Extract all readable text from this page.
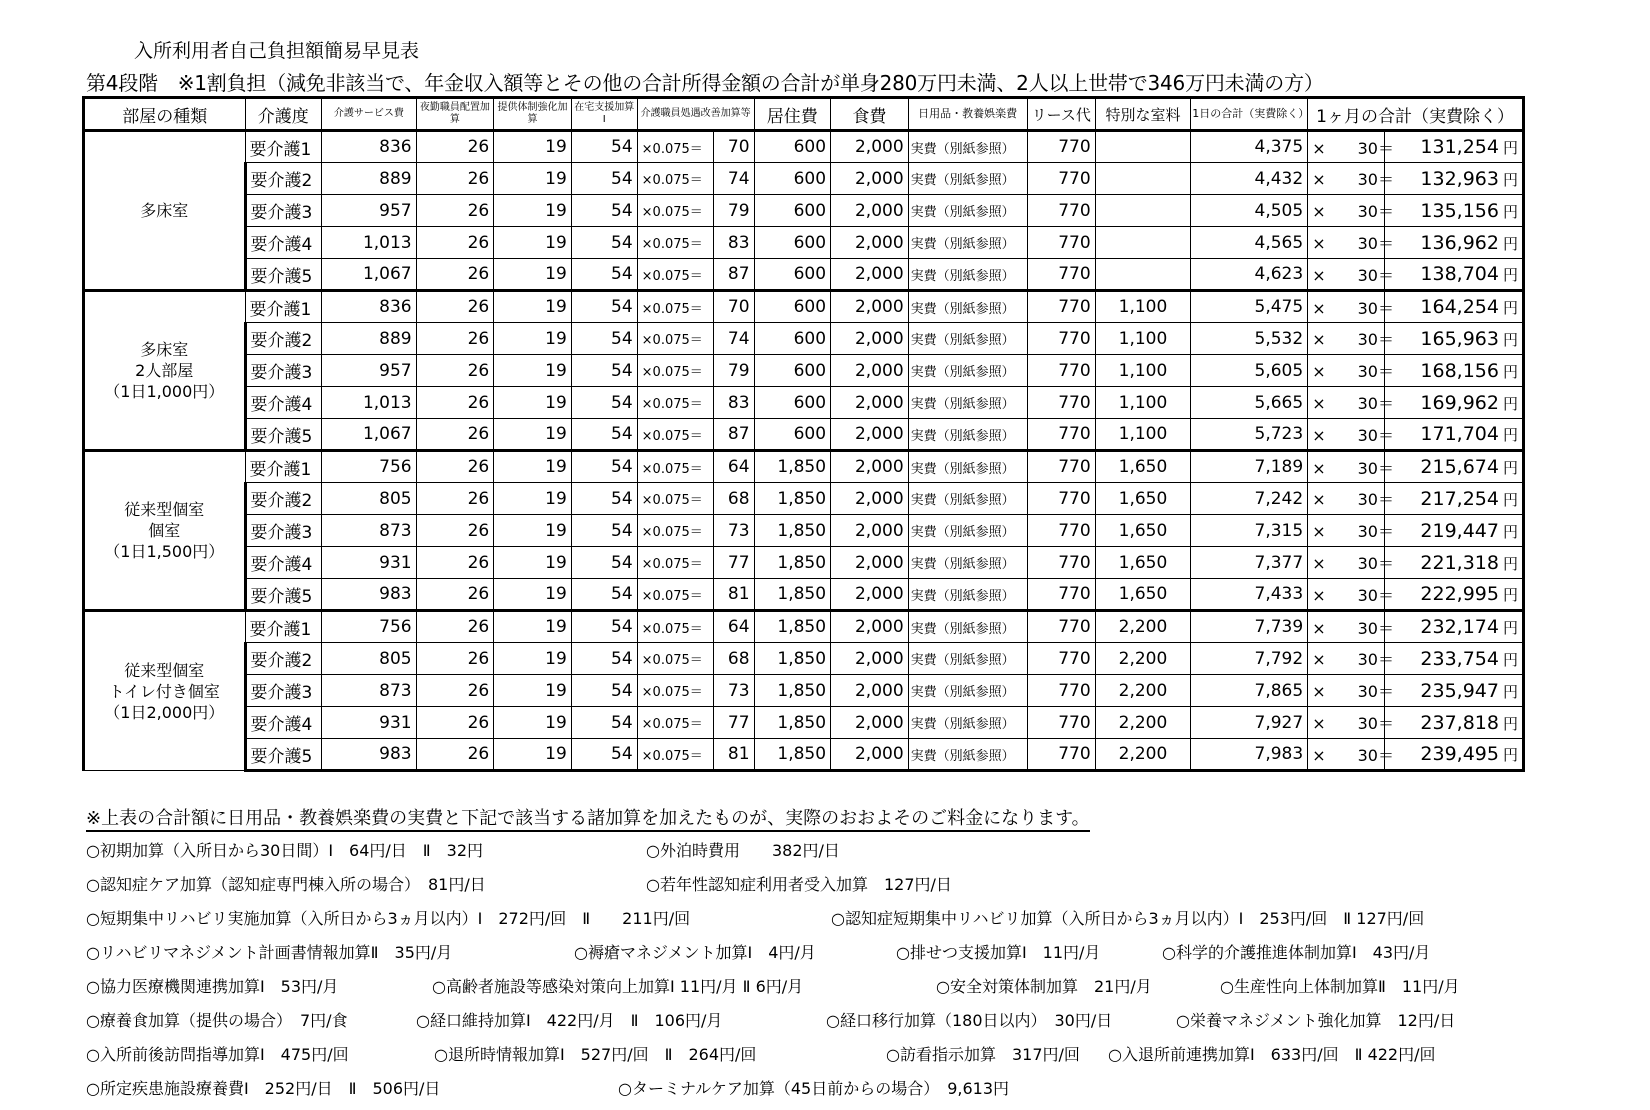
入所利用者自己負担額簡易早見表
第4段階　※1割負担（減免非該当で、年金収入額等とその他の合計所得金額の合計が単身280万円未満、2人以上世帯で346万円未満の方）
部屋の種類	介護度	介護サービス費	夜勤職員配置加算	提供体制強化加算	在宅支援加算Ⅰ	介護職員処遇改善加算等		居住費	食費	日用品・教養娯楽費	リース代	特別な室料	1日の合計（実費除く）	1ヶ月の合計（実費除く）	

多床室	要介護1	836	26	19	54	×0.075＝	70	600	2,000	実費（別紙参照）	770		4,375	×　　30＝	131,254 円
	要介護2	889	26	19	54	×0.075＝	74	600	2,000	実費（別紙参照）	770		4,432	×　　30＝	132,963 円
	要介護3	957	26	19	54	×0.075＝	79	600	2,000	実費（別紙参照）	770		4,505	×　　30＝	135,156 円
	要介護4	1,013	26	19	54	×0.075＝	83	600	2,000	実費（別紙参照）	770		4,565	×　　30＝	136,962 円
	要介護5	1,067	26	19	54	×0.075＝	87	600	2,000	実費（別紙参照）	770		4,623	×　　30＝	138,704 円

多床室
2人部屋
（1日1,000円）	要介護1	836	26	19	54	×0.075＝	70	600	2,000	実費（別紙参照）	770	1,100	5,475	×　　30＝	164,254 円
	要介護2	889	26	19	54	×0.075＝	74	600	2,000	実費（別紙参照）	770	1,100	5,532	×　　30＝	165,963 円
	要介護3	957	26	19	54	×0.075＝	79	600	2,000	実費（別紙参照）	770	1,100	5,605	×　　30＝	168,156 円
	要介護4	1,013	26	19	54	×0.075＝	83	600	2,000	実費（別紙参照）	770	1,100	5,665	×　　30＝	169,962 円
	要介護5	1,067	26	19	54	×0.075＝	87	600	2,000	実費（別紙参照）	770	1,100	5,723	×　　30＝	171,704 円

従来型個室
個室
（1日1,500円）	要介護1	756	26	19	54	×0.075＝	64	1,850	2,000	実費（別紙参照）	770	1,650	7,189	×　　30＝	215,674 円
	要介護2	805	26	19	54	×0.075＝	68	1,850	2,000	実費（別紙参照）	770	1,650	7,242	×　　30＝	217,254 円
	要介護3	873	26	19	54	×0.075＝	73	1,850	2,000	実費（別紙参照）	770	1,650	7,315	×　　30＝	219,447 円
	要介護4	931	26	19	54	×0.075＝	77	1,850	2,000	実費（別紙参照）	770	1,650	7,377	×　　30＝	221,318 円
	要介護5	983	26	19	54	×0.075＝	81	1,850	2,000	実費（別紙参照）	770	1,650	7,433	×　　30＝	222,995 円

従来型個室
トイレ付き個室
（1日2,000円）	要介護1	756	26	19	54	×0.075＝	64	1,850	2,000	実費（別紙参照）	770	2,200	7,739	×　　30＝	232,174 円
	要介護2	805	26	19	54	×0.075＝	68	1,850	2,000	実費（別紙参照）	770	2,200	7,792	×　　30＝	233,754 円
	要介護3	873	26	19	54	×0.075＝	73	1,850	2,000	実費（別紙参照）	770	2,200	7,865	×　　30＝	235,947 円
	要介護4	931	26	19	54	×0.075＝	77	1,850	2,000	実費（別紙参照）	770	2,200	7,927	×　　30＝	237,818 円
	要介護5	983	26	19	54	×0.075＝	81	1,850	2,000	実費（別紙参照）	770	2,200	7,983	×　　30＝	239,495 円
※上表の合計額に日用品・教養娯楽費の実費と下記で該当する諸加算を加えたものが、実際のおおよそのご料金になります。
○初期加算（入所日から30日間）Ⅰ　64円/日　Ⅱ　32円	○外泊時費用　　382円/日
○認知症ケア加算（認知症専門棟入所の場合）　81円/日	○若年性認知症利用者受入加算　127円/日
○短期集中リハビリ実施加算（入所日から3ヵ月以内）Ⅰ　272円/回　Ⅱ　　211円/回	○認知症短期集中リハビリ加算（入所日から3ヵ月以内）Ⅰ　253円/回　Ⅱ 127円/回
○リハビリマネジメント計画書情報加算Ⅱ　35円/月	○褥瘡マネジメント加算Ⅰ　4円/月	○排せつ支援加算Ⅰ　11円/月	○科学的介護推進体制加算Ⅰ　43円/月
○協力医療機関連携加算Ⅰ　53円/月	○高齢者施設等感染対策向上加算Ⅰ 11円/月 Ⅱ 6円/月	○安全対策体制加算　21円/月	○生産性向上体制加算Ⅱ　11円/月
○療養食加算（提供の場合）　7円/食	○経口維持加算Ⅰ　422円/月　Ⅱ　106円/月	○経口移行加算（180日以内）　30円/日	○栄養マネジメント強化加算　12円/日
○入所前後訪問指導加算Ⅰ　475円/回	○退所時情報加算Ⅰ　527円/回　Ⅱ　264円/回	○訪看指示加算　317円/回 ○入退所前連携加算Ⅰ　633円/回　Ⅱ 422円/回
○所定疾患施設療養費Ⅰ　252円/日　Ⅱ　506円/日	○ターミナルケア加算（45日前からの場合）　9,613円
